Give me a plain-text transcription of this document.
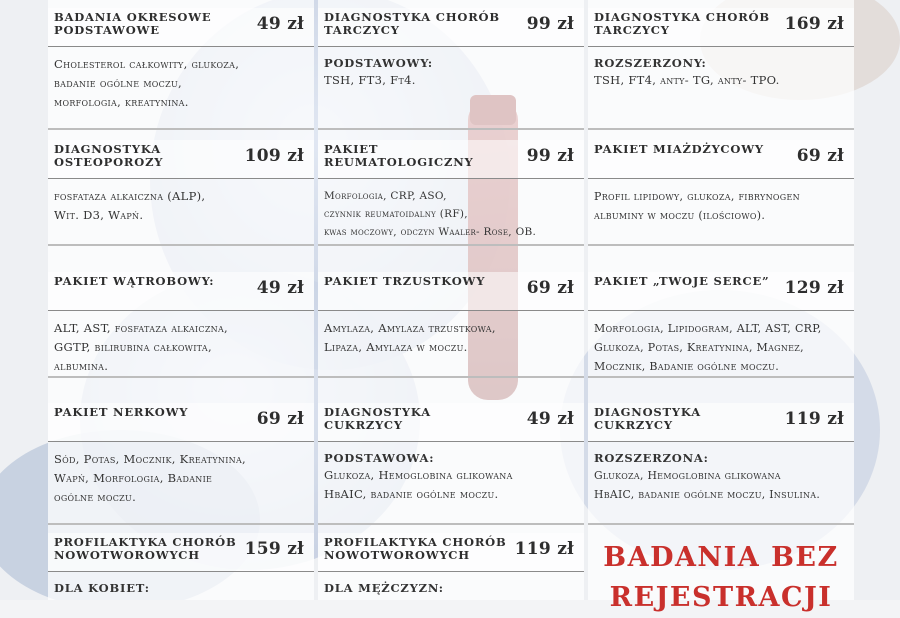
BADANIA OKRESOWE PODSTAWOWE	49 zł
Cholesterol całkowity, glukoza,
badanie ogólne moczu,
morfologia, kreatynina.
DIAGNOSTYKA CHORÓB TARCZYCY	99 zł
PODSTAWOWY:
TSH, FT3, Ft4.
DIAGNOSTYKA CHORÓB TARCZYCY	169 zł
ROZSZERZONY:
TSH, FT4, anty- TG, anty- TPO.
DIAGNOSTYKA OSTEOPOROZY	109 zł
fosfataza alkaiczna (ALP),
Wit. D3, Wapń.
PAKIET REUMATOLOGICZNY	99 zł
Morfologia, CRP, ASO,
czynnik reumatoidalny (RF),
kwas moczowy, odczyn Waaler- Rose, OB.
PAKIET MIAŻDŻYCOWY 69 zł
Profil lipidowy, glukoza, fibrynogen
albuminy w moczu (ilościowo).
PAKIET WĄTROBOWY: 49 zł
ALT, AST, fosfataza alkaiczna,
GGTP, bilirubina całkowita,
albumina.
PAKIET TRZUSTKOWY 69 zł
Amylaza, Amylaza trzustkowa,
Lipaza, Amylaza w moczu.
PAKIET „TWOJE SERCE” 129 zł
Morfologia, Lipidogram, ALT, AST, CRP,
Glukoza, Potas, Kreatynina, Magnez,
Mocznik, Badanie ogólne moczu.
PAKIET NERKOWY	69 zł
Sód, Potas, Mocznik, Kreatynina,
Wapń, Morfologia, Badanie
ogólne moczu.
DIAGNOSTYKA CUKRZYCY	49 zł
PODSTAWOWA:
Glukoza, Hemoglobina glikowana
HbAIC, badanie ogólne moczu.
DIAGNOSTYKA CUKRZYCY	119 zł
ROZSZERZONA:
Glukoza, Hemoglobina glikowana
HbAIC, badanie ogólne moczu, Insulina.
PROFILAKTYKA CHORÓB NOWOTWOROWYCH	159 zł
DLA KOBIET:
PROFILAKTYKA CHORÓB NOWOTWOROWYCH	119 zł
DLA MĘŻCZYZN:
BADANIA BEZ
REJESTRACJI
